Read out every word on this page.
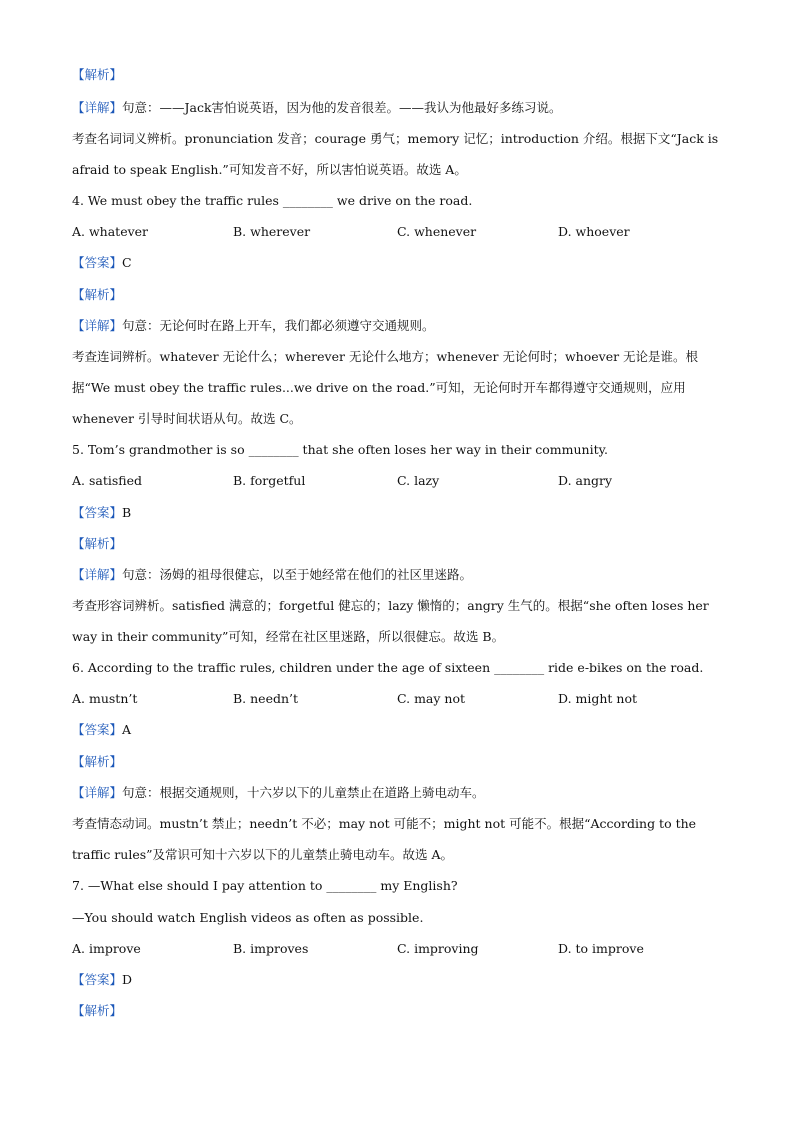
【解析】
【详解】句意：——Jack害怕说英语，因为他的发音很差。——我认为他最好多练习说。
考查名词词义辨析。pronunciation 发音；courage 勇气；memory 记忆；introduction 介绍。根据下文“Jack is
afraid to speak English.”可知发音不好，所以害怕说英语。故选 A。
4. We must obey the traffic rules ________ we drive on the road.
A. whatever	B. wherever	C. whenever	D. whoever
【答案】C
【解析】
【详解】句意：无论何时在路上开车，我们都必须遵守交通规则。
考查连词辨析。whatever 无论什么；wherever 无论什么地方；whenever 无论何时；whoever 无论是谁。根
据“We must obey the traffic rules...we drive on the road.”可知，无论何时开车都得遵守交通规则，应用
whenever 引导时间状语从句。故选 C。
5. Tom’s grandmother is so ________ that she often loses her way in their community.
A. satisfied	B. forgetful	C. lazy	D. angry
【答案】B
【解析】
【详解】句意：汤姆的祖母很健忘，以至于她经常在他们的社区里迷路。
考查形容词辨析。satisfied 满意的；forgetful 健忘的；lazy 懒惰的；angry 生气的。根据“she often loses her
way in their community”可知，经常在社区里迷路，所以很健忘。故选 B。
6. According to the traffic rules, children under the age of sixteen ________ ride e-bikes on the road.
A. mustn’t	B. needn’t	C. may not	D. might not
【答案】A
【解析】
【详解】句意：根据交通规则，十六岁以下的儿童禁止在道路上骑电动车。
考查情态动词。mustn’t 禁止；needn’t 不必；may not 可能不；might not 可能不。根据“According to the
traffic rules”及常识可知十六岁以下的儿童禁止骑电动车。故选 A。
7. —What else should I pay attention to ________ my English?
—You should watch English videos as often as possible.
A. improve	B. improves	C. improving	D. to improve
【答案】D
【解析】
